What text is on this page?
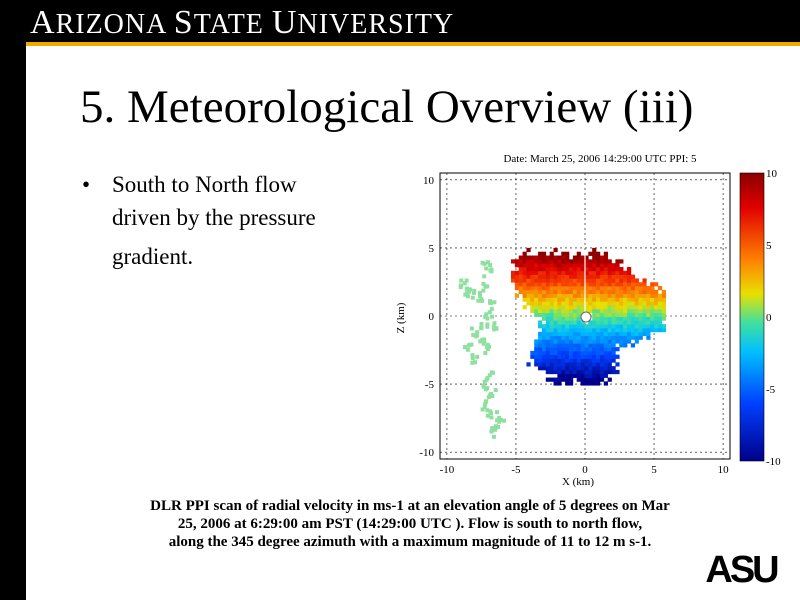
ARIZONA STATE UNIVERSITY
5. Meteorological Overview (iii)
• South to North flow
driven by the pressure
gradient.
Date: March 25, 2006 14:29:00 UTC PPI: 5
-10	-5	0	5	10
10
5
0
-5
-10
X (km)
Z (km)
10
5
0
-5
-10
DLR PPI scan of radial velocity in ms-1 at an elevation angle of 5 degrees on Mar
25, 2006 at 6:29:00 am PST (14:29:00 UTC ). Flow is south to north flow,
along the 345 degree azimuth with a maximum magnitude of 11 to 12 m s-1.
ASU
